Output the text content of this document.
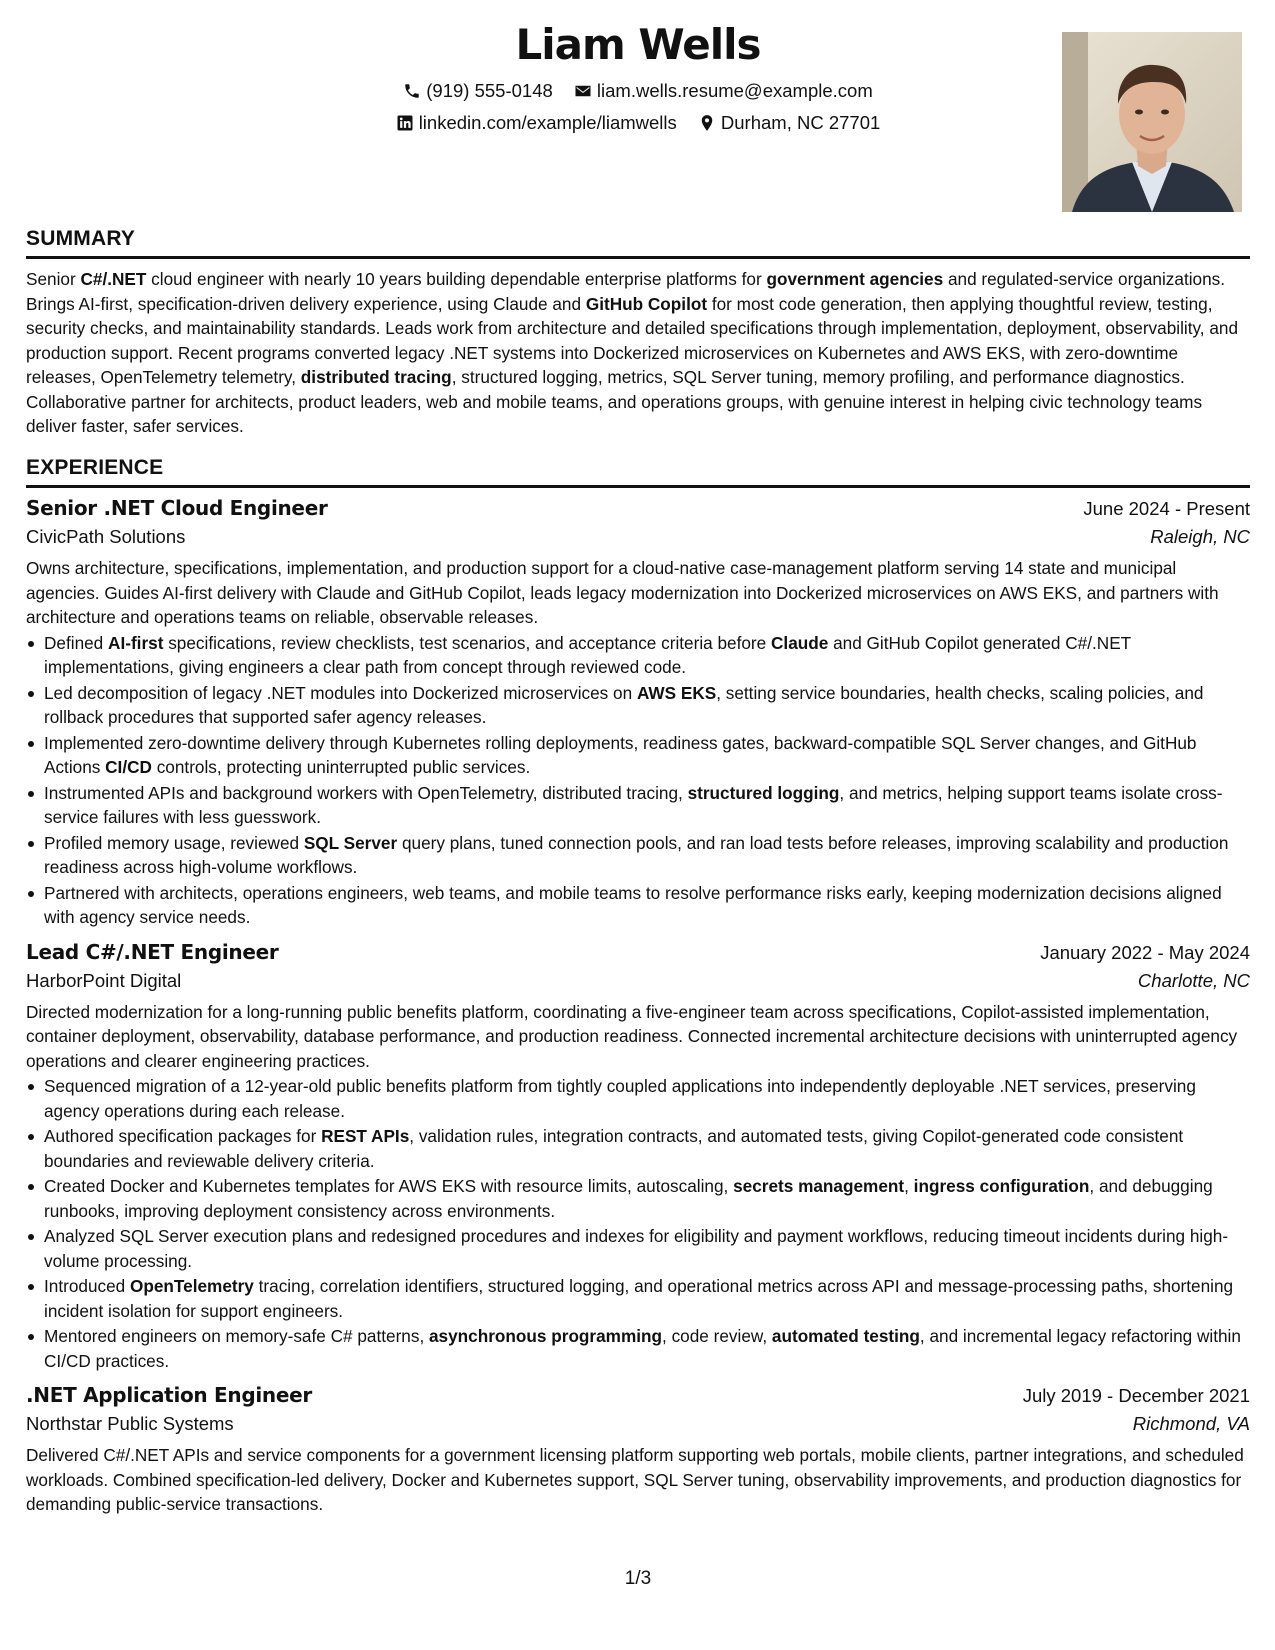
Liam Wells
(919) 555-0148
liam.wells.resume@example.com
linkedin.com/example/liamwells
Durham, NC 27701
SUMMARY

Senior C#/.NET cloud engineer with nearly 10 years building dependable enterprise platforms for government agencies and regulated-service organizations. Brings AI-first, specification-driven delivery experience, using Claude and GitHub Copilot for most code generation, then applying thoughtful review, testing, security checks, and maintainability standards. Leads work from architecture and detailed specifications through implementation, deployment, observability, and production support. Recent programs converted legacy .NET systems into Dockerized microservices on Kubernetes and AWS EKS, with zero-downtime releases, OpenTelemetry telemetry, distributed tracing, structured logging, metrics, SQL Server tuning, memory profiling, and performance diagnostics. Collaborative partner for architects, product leaders, web and mobile teams, and operations groups, with genuine interest in helping civic technology teams deliver faster, safer services.

EXPERIENCE
Senior .NET Cloud Engineer	June 2024 - Present
CivicPath Solutions	Raleigh, NC

Owns architecture, specifications, implementation, and production support for a cloud-native case-management platform serving 14 state and municipal agencies. Guides AI-first delivery with Claude and GitHub Copilot, leads legacy modernization into Dockerized microservices on AWS EKS, and partners with architecture and operations teams on reliable, observable releases.

Defined AI-first specifications, review checklists, test scenarios, and acceptance criteria before Claude and GitHub Copilot generated C#/.NET implementations, giving engineers a clear path from concept through reviewed code.
Led decomposition of legacy .NET modules into Dockerized microservices on AWS EKS, setting service boundaries, health checks, scaling policies, and rollback procedures that supported safer agency releases.
Implemented zero-downtime delivery through Kubernetes rolling deployments, readiness gates, backward-compatible SQL Server changes, and GitHub Actions CI/CD controls, protecting uninterrupted public services.
Instrumented APIs and background workers with OpenTelemetry, distributed tracing, structured logging, and metrics, helping support teams isolate cross-service failures with less guesswork.
Profiled memory usage, reviewed SQL Server query plans, tuned connection pools, and ran load tests before releases, improving scalability and production readiness across high-volume workflows.
Partnered with architects, operations engineers, web teams, and mobile teams to resolve performance risks early, keeping modernization decisions aligned with agency service needs.
Lead C#/.NET Engineer	January 2022 - May 2024
HarborPoint Digital	Charlotte, NC

Directed modernization for a long-running public benefits platform, coordinating a five-engineer team across specifications, Copilot-assisted implementation, container deployment, observability, database performance, and production readiness. Connected incremental architecture decisions with uninterrupted agency operations and clearer engineering practices.

Sequenced migration of a 12-year-old public benefits platform from tightly coupled applications into independently deployable .NET services, preserving agency operations during each release.
Authored specification packages for REST APIs, validation rules, integration contracts, and automated tests, giving Copilot-generated code consistent boundaries and reviewable delivery criteria.
Created Docker and Kubernetes templates for AWS EKS with resource limits, autoscaling, secrets management, ingress configuration, and debugging runbooks, improving deployment consistency across environments.
Analyzed SQL Server execution plans and redesigned procedures and indexes for eligibility and payment workflows, reducing timeout incidents during high-volume processing.
Introduced OpenTelemetry tracing, correlation identifiers, structured logging, and operational metrics across API and message-processing paths, shortening incident isolation for support engineers.
Mentored engineers on memory-safe C# patterns, asynchronous programming, code review, automated testing, and incremental legacy refactoring within CI/CD practices.
.NET Application Engineer	July 2019 - December 2021
Northstar Public Systems	Richmond, VA

Delivered C#/.NET APIs and service components for a government licensing platform supporting web portals, mobile clients, partner integrations, and scheduled workloads. Combined specification-led delivery, Docker and Kubernetes support, SQL Server tuning, observability improvements, and production diagnostics for demanding public-service transactions.

1/3
